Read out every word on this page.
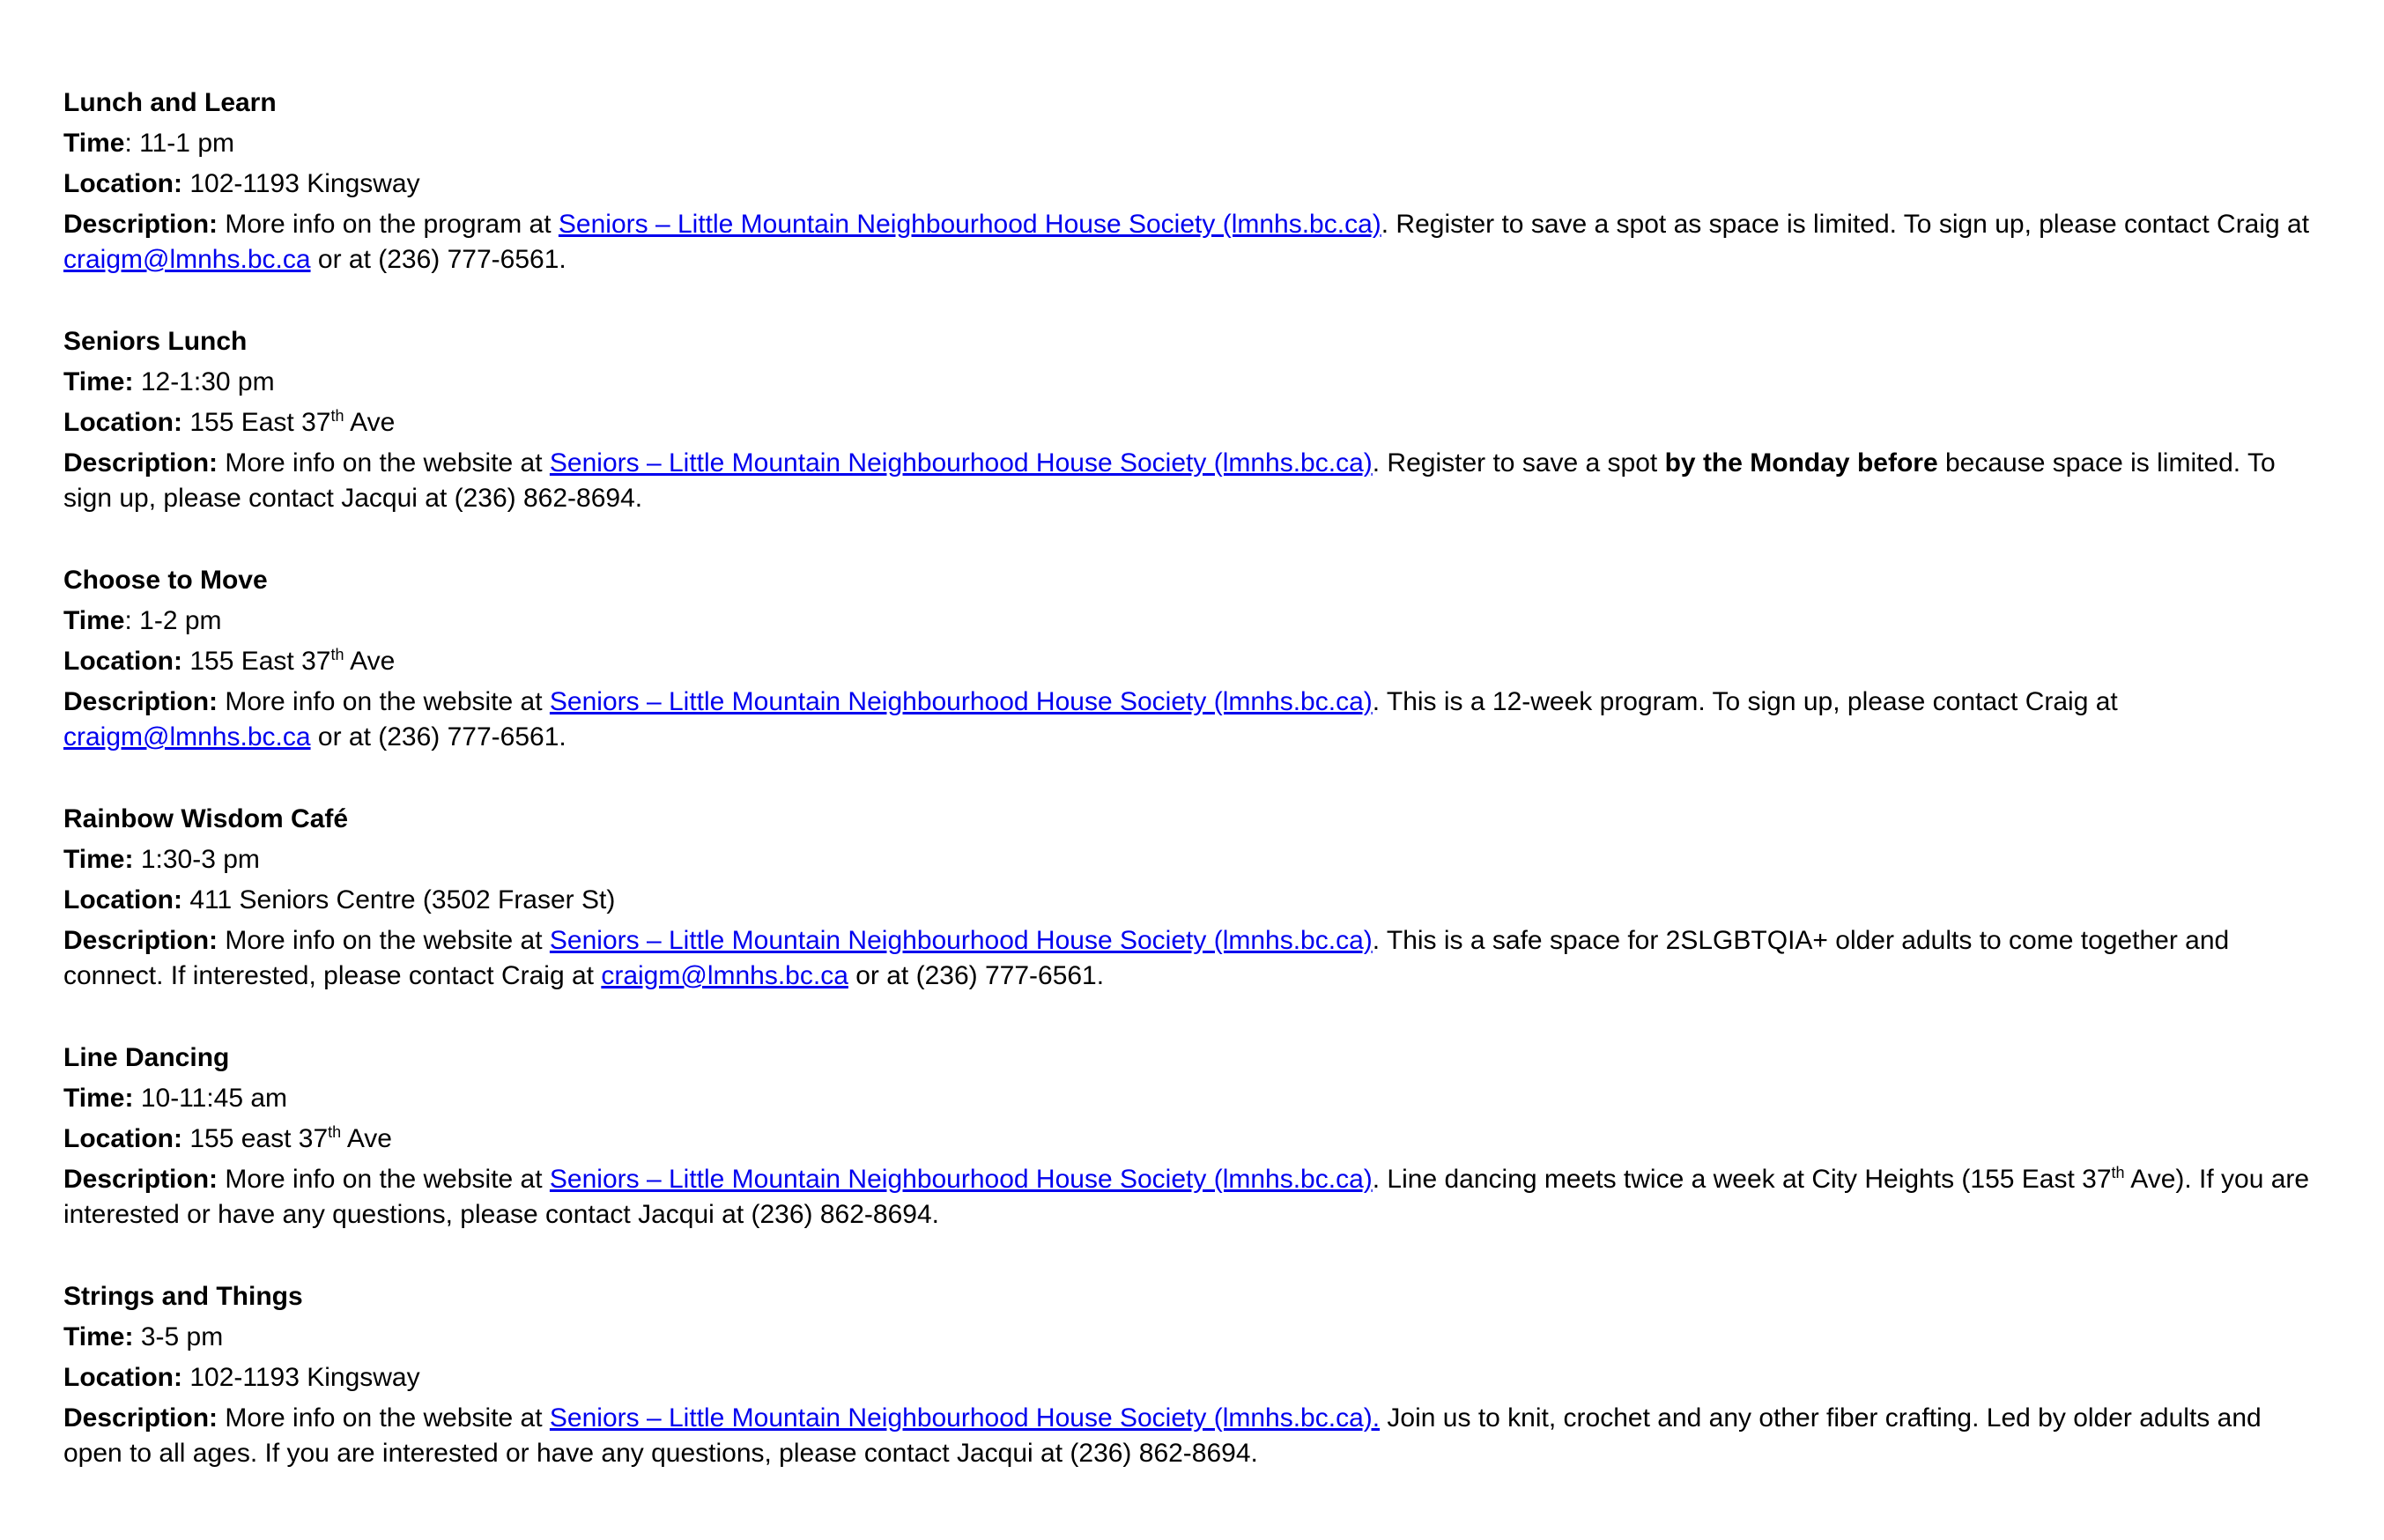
Lunch and Learn
Time: 11-1 pm
Location: 102-1193 Kingsway
Description: More info on the program at Seniors – Little Mountain Neighbourhood House Society (lmnhs.bc.ca). Register to save a spot as space is limited. To sign up, please contact Craig at craigm@lmnhs.bc.ca or at (236) 777-6561.
Seniors Lunch
Time: 12-1:30 pm
Location: 155 East 37th Ave
Description: More info on the website at Seniors – Little Mountain Neighbourhood House Society (lmnhs.bc.ca). Register to save a spot by the Monday before because space is limited. To sign up, please contact Jacqui at (236) 862-8694.
Choose to Move
Time: 1-2 pm
Location: 155 East 37th Ave
Description: More info on the website at Seniors – Little Mountain Neighbourhood House Society (lmnhs.bc.ca). This is a 12-week program. To sign up, please contact Craig at craigm@lmnhs.bc.ca or at (236) 777-6561.
Rainbow Wisdom Café
Time: 1:30-3 pm
Location: 411 Seniors Centre (3502 Fraser St)
Description: More info on the website at Seniors – Little Mountain Neighbourhood House Society (lmnhs.bc.ca). This is a safe space for 2SLGBTQIA+ older adults to come together and connect. If interested, please contact Craig at craigm@lmnhs.bc.ca or at (236) 777-6561.
Line Dancing
Time: 10-11:45 am
Location: 155 east 37th Ave
Description: More info on the website at Seniors – Little Mountain Neighbourhood House Society (lmnhs.bc.ca). Line dancing meets twice a week at City Heights (155 East 37th Ave). If you are interested or have any questions, please contact Jacqui at (236) 862-8694.
Strings and Things
Time: 3-5 pm
Location: 102-1193 Kingsway
Description: More info on the website at Seniors – Little Mountain Neighbourhood House Society (lmnhs.bc.ca). Join us to knit, crochet and any other fiber crafting. Led by older adults and open to all ages. If you are interested or have any questions, please contact Jacqui at (236) 862-8694.
